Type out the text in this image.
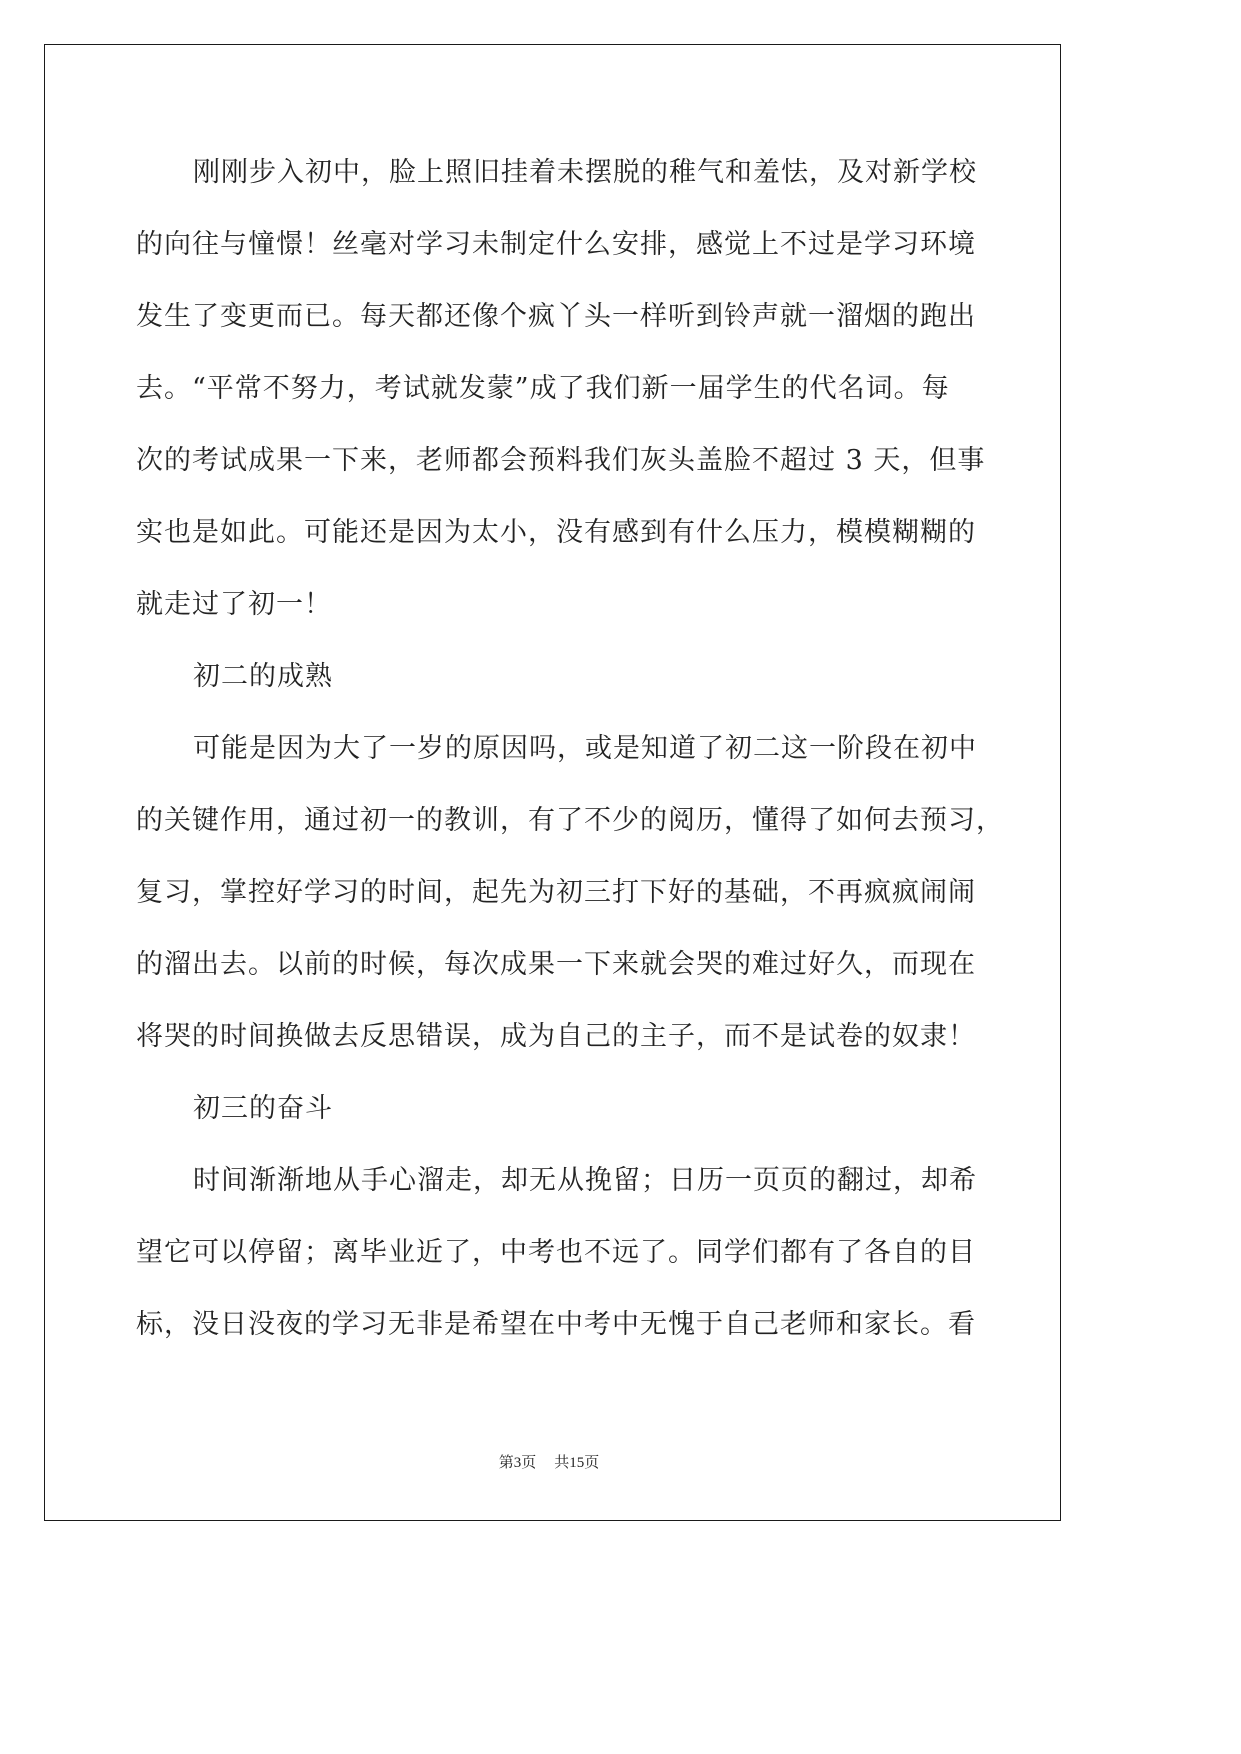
刚刚步入初中，脸上照旧挂着未摆脱的稚气和羞怯，及对新学校

的向往与憧憬！丝毫对学习未制定什么安排，感觉上不过是学习环境

发生了变更而已。每天都还像个疯丫头一样听到铃声就一溜烟的跑出

去。“平常不努力，考试就发蒙”成了我们新一届学生的代名词。每

次的考试成果一下来，老师都会预料我们灰头盖脸不超过 3 天，但事

实也是如此。可能还是因为太小，没有感到有什么压力，模模糊糊的

就走过了初一！

初二的成熟

可能是因为大了一岁的原因吗，或是知道了初二这一阶段在初中

的关键作用，通过初一的教训，有了不少的阅历，懂得了如何去预习，

复习，掌控好学习的时间，起先为初三打下好的基础，不再疯疯闹闹

的溜出去。以前的时候，每次成果一下来就会哭的难过好久，而现在

将哭的时间换做去反思错误，成为自己的主子，而不是试卷的奴隶！

初三的奋斗

时间渐渐地从手心溜走，却无从挽留；日历一页页的翻过，却希

望它可以停留；离毕业近了，中考也不远了。同学们都有了各自的目

标，没日没夜的学习无非是希望在中考中无愧于自己老师和家长。看

第3页 共15页
